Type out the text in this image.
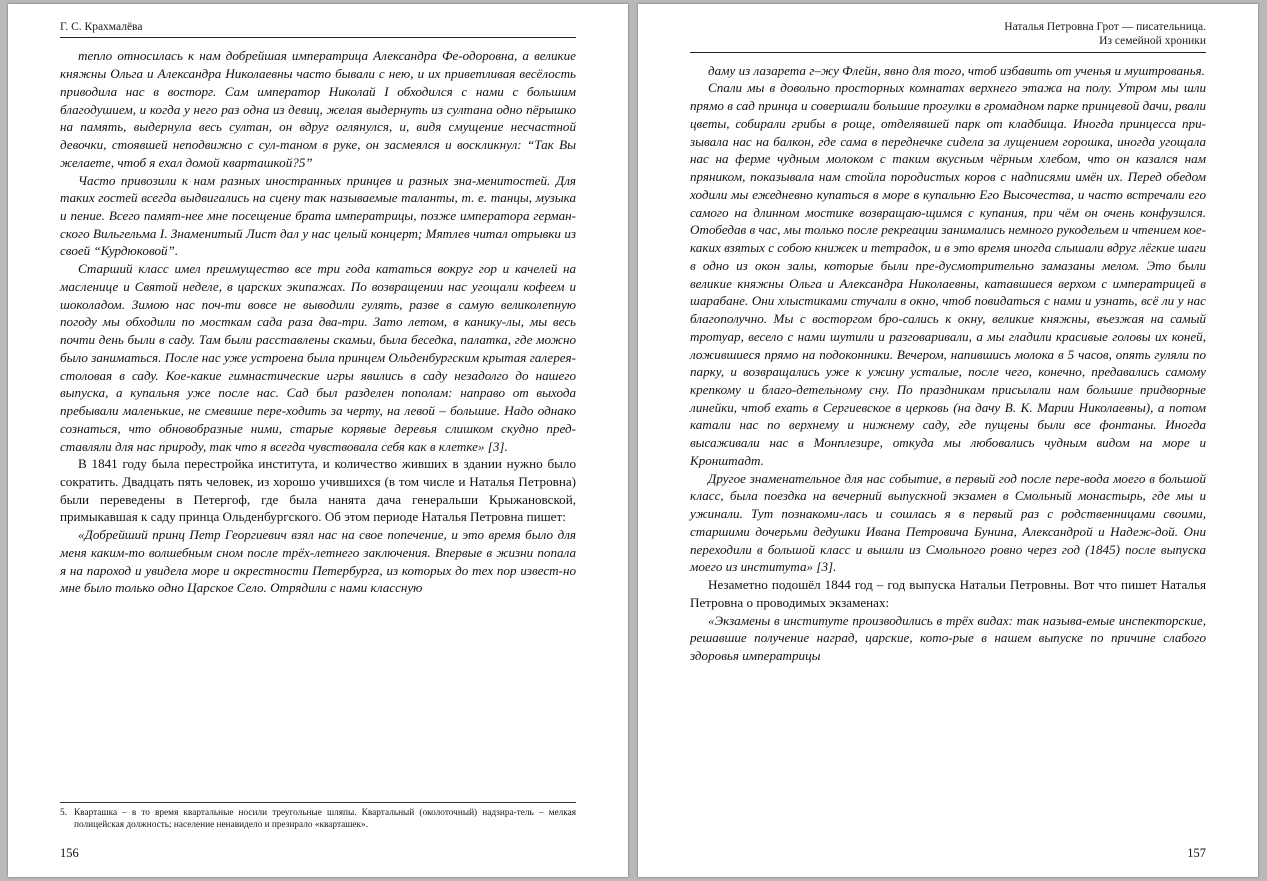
Г. С. Крахмалёва

тепло относилась к нам добрейшая императрица Александра Фе-одоровна, а великие княжны Ольга и Александра Николаевны часто бывали с нею, и их приветливая весёлость приводила нас в восторг. Сам император Николай I обходился с нами с большим благодушием, и когда у него раз одна из девиц, желая выдернуть из султана одно пёрышко на память, выдернула весь султан, он вдруг оглянулся, и, видя смущение несчастной девочки, стоявшей неподвижно с сул-таном в руке, он засмеялся и воскликнул: “Так Вы желаете, чтоб я ехал домой кварташкой?5”

Часто привозили к нам разных иностранных принцев и разных зна-менитостей. Для таких гостей всегда выдвигались на сцену так называемые таланты, т. е. танцы, музыка и пение. Всего памят-нее мне посещение брата императрицы, позже императора герман-ского Вильгельма I. Знаменитый Лист дал у нас целый концерт; Мятлев читал отрывки из своей “Курдюковой”.

Старший класс имел преимущество все три года кататься вокруг гор и качелей на масленице и Святой неделе, в царских экипажах. По возвращении нас угощали кофеем и шоколадом. Зимою нас поч-ти вовсе не выводили гулять, разве в самую великолепную погоду мы обходили по мосткам сада раза два-три. Зато летом, в канику-лы, мы весь почти день были в саду. Там были расставлены скамьи, была беседка, палатка, где можно было заниматься. После нас уже устроена была принцем Ольденбургским крытая галерея-столовая в саду. Кое-какие гимнастические игры явились в саду незадолго до нашего выпуска, а купальня уже после нас. Сад был разделен пополам: направо от выхода пребывали маленькие, не смевшие пере-ходить за черту, на левой – большие. Надо однако сознаться, что обновобразные ними, старые корявые деревья слишком скудно пред-ставляли для нас природу, так что я всегда чувствовала себя как в клетке» [3].

В 1841 году была перестройка института, и количество живших в здании нужно было сократить. Двадцать пять человек, из хорошо учившихся (в том числе и Наталья Петровна) были переведены в Петергоф, где была нанята дача генеральши Крыжановской, примыкавшая к саду принца Ольденбургского. Об этом периоде Наталья Петровна пишет:

«Добрейший принц Петр Георгиевич взял нас на свое попечение, и это время было для меня каким-то волшебным сном после трёх-летнего заключения. Впервые в жизни попала я на пароход и увидела море и окрестности Петербурга, из которых до тех пор извест-но мне было только одно Царское Село. Отрядили с нами классную

5. Кварташка – в то время квартальные носили треугольные шляпы. Квартальный (околоточный) надзира-тель – мелкая полицейская должность; население ненавидело и презирало «кварташек».
156
Наталья Петровна Грот — писательница.
Из семейной хроники

даму из лазарета г–жу Флейн, явно для того, чтоб избавить от ученья и муштрованья.

Спали мы в довольно просторных комнатах верхнего этажа на полу. Утром мы шли прямо в сад принца и совершали большие прогулки в громадном парке принцевой дачи, рвали цветы, собирали грибы в роще, отделявшей парк от кладбища. Иногда принцесса при-зывала нас на балкон, где сама в переднечке сидела за лущением горошка, иногда угощала нас на ферме чудным молоком с таким вкусным чёрным хлебом, что он казался нам пряником, показывала нам стойла породистых коров с надписями имён их. Перед обедом ходили мы ежедневно купаться в море в купальню Его Высочества, и часто встречали его самого на длинном мостике возвращаю-щимся с купания, при чём он очень конфузился. Отобедав в час, мы только после рекреации занимались немного рукодельем и чтением кое-каких взятых с собою книжек и тетрадок, и в это время иногда слышали вдруг лёгкие шаги в одно из окон залы, которые были пре-дусмотрительно замазаны мелом. Это были великие княжны Ольга и Александра Николаевны, катавшиеся верхом с императрицей в шарабане. Они хлыстиками стучали в окно, чтоб повидаться с нами и узнать, всё ли у нас благополучно. Мы с восторгом бро-сались к окну, великие княжны, въезжая на самый тротуар, весело с нами шутили и разговаривали, а мы гладили красивые головы их коней, ложившиеся прямо на подоконники. Вечером, напившись молока в 5 часов, опять гуляли по парку, и возвращались уже к ужину усталые, после чего, конечно, предавались самому крепкому и благо-детельному сну. По праздникам присылали нам большие придворные линейки, чтоб ехать в Сергиевское в церковь (на дачу В. К. Марии Николаевны), а потом катали нас по верхнему и нижнему саду, где пущены были все фонтаны. Иногда высаживали нас в Монплезире, откуда мы любовались чудным видом на море и Кронштадт.

Другое знаменательное для нас событие, в первый год после пере-вода моего в большой класс, была поездка на вечерний выпускной экзамен в Смольный монастырь, где мы и ужинали. Тут познакоми-лась и сошлась я в первый раз с родственницами своими, старшими дочерьми дедушки Ивана Петровича Бунина, Александрой и Надеж-дой. Они переходили в большой класс и вышли из Смольного ровно через год (1845) после выпуска моего из института» [3].

Незаметно подошёл 1844 год – год выпуска Натальи Петровны. Вот что пишет Наталья Петровна о проводимых экзаменах:

«Экзамены в институте производились в трёх видах: так называ-емые инспекторские, решавшие получение наград, царские, кото-рые в нашем выпуске по причине слабого здоровья императрицы

157
